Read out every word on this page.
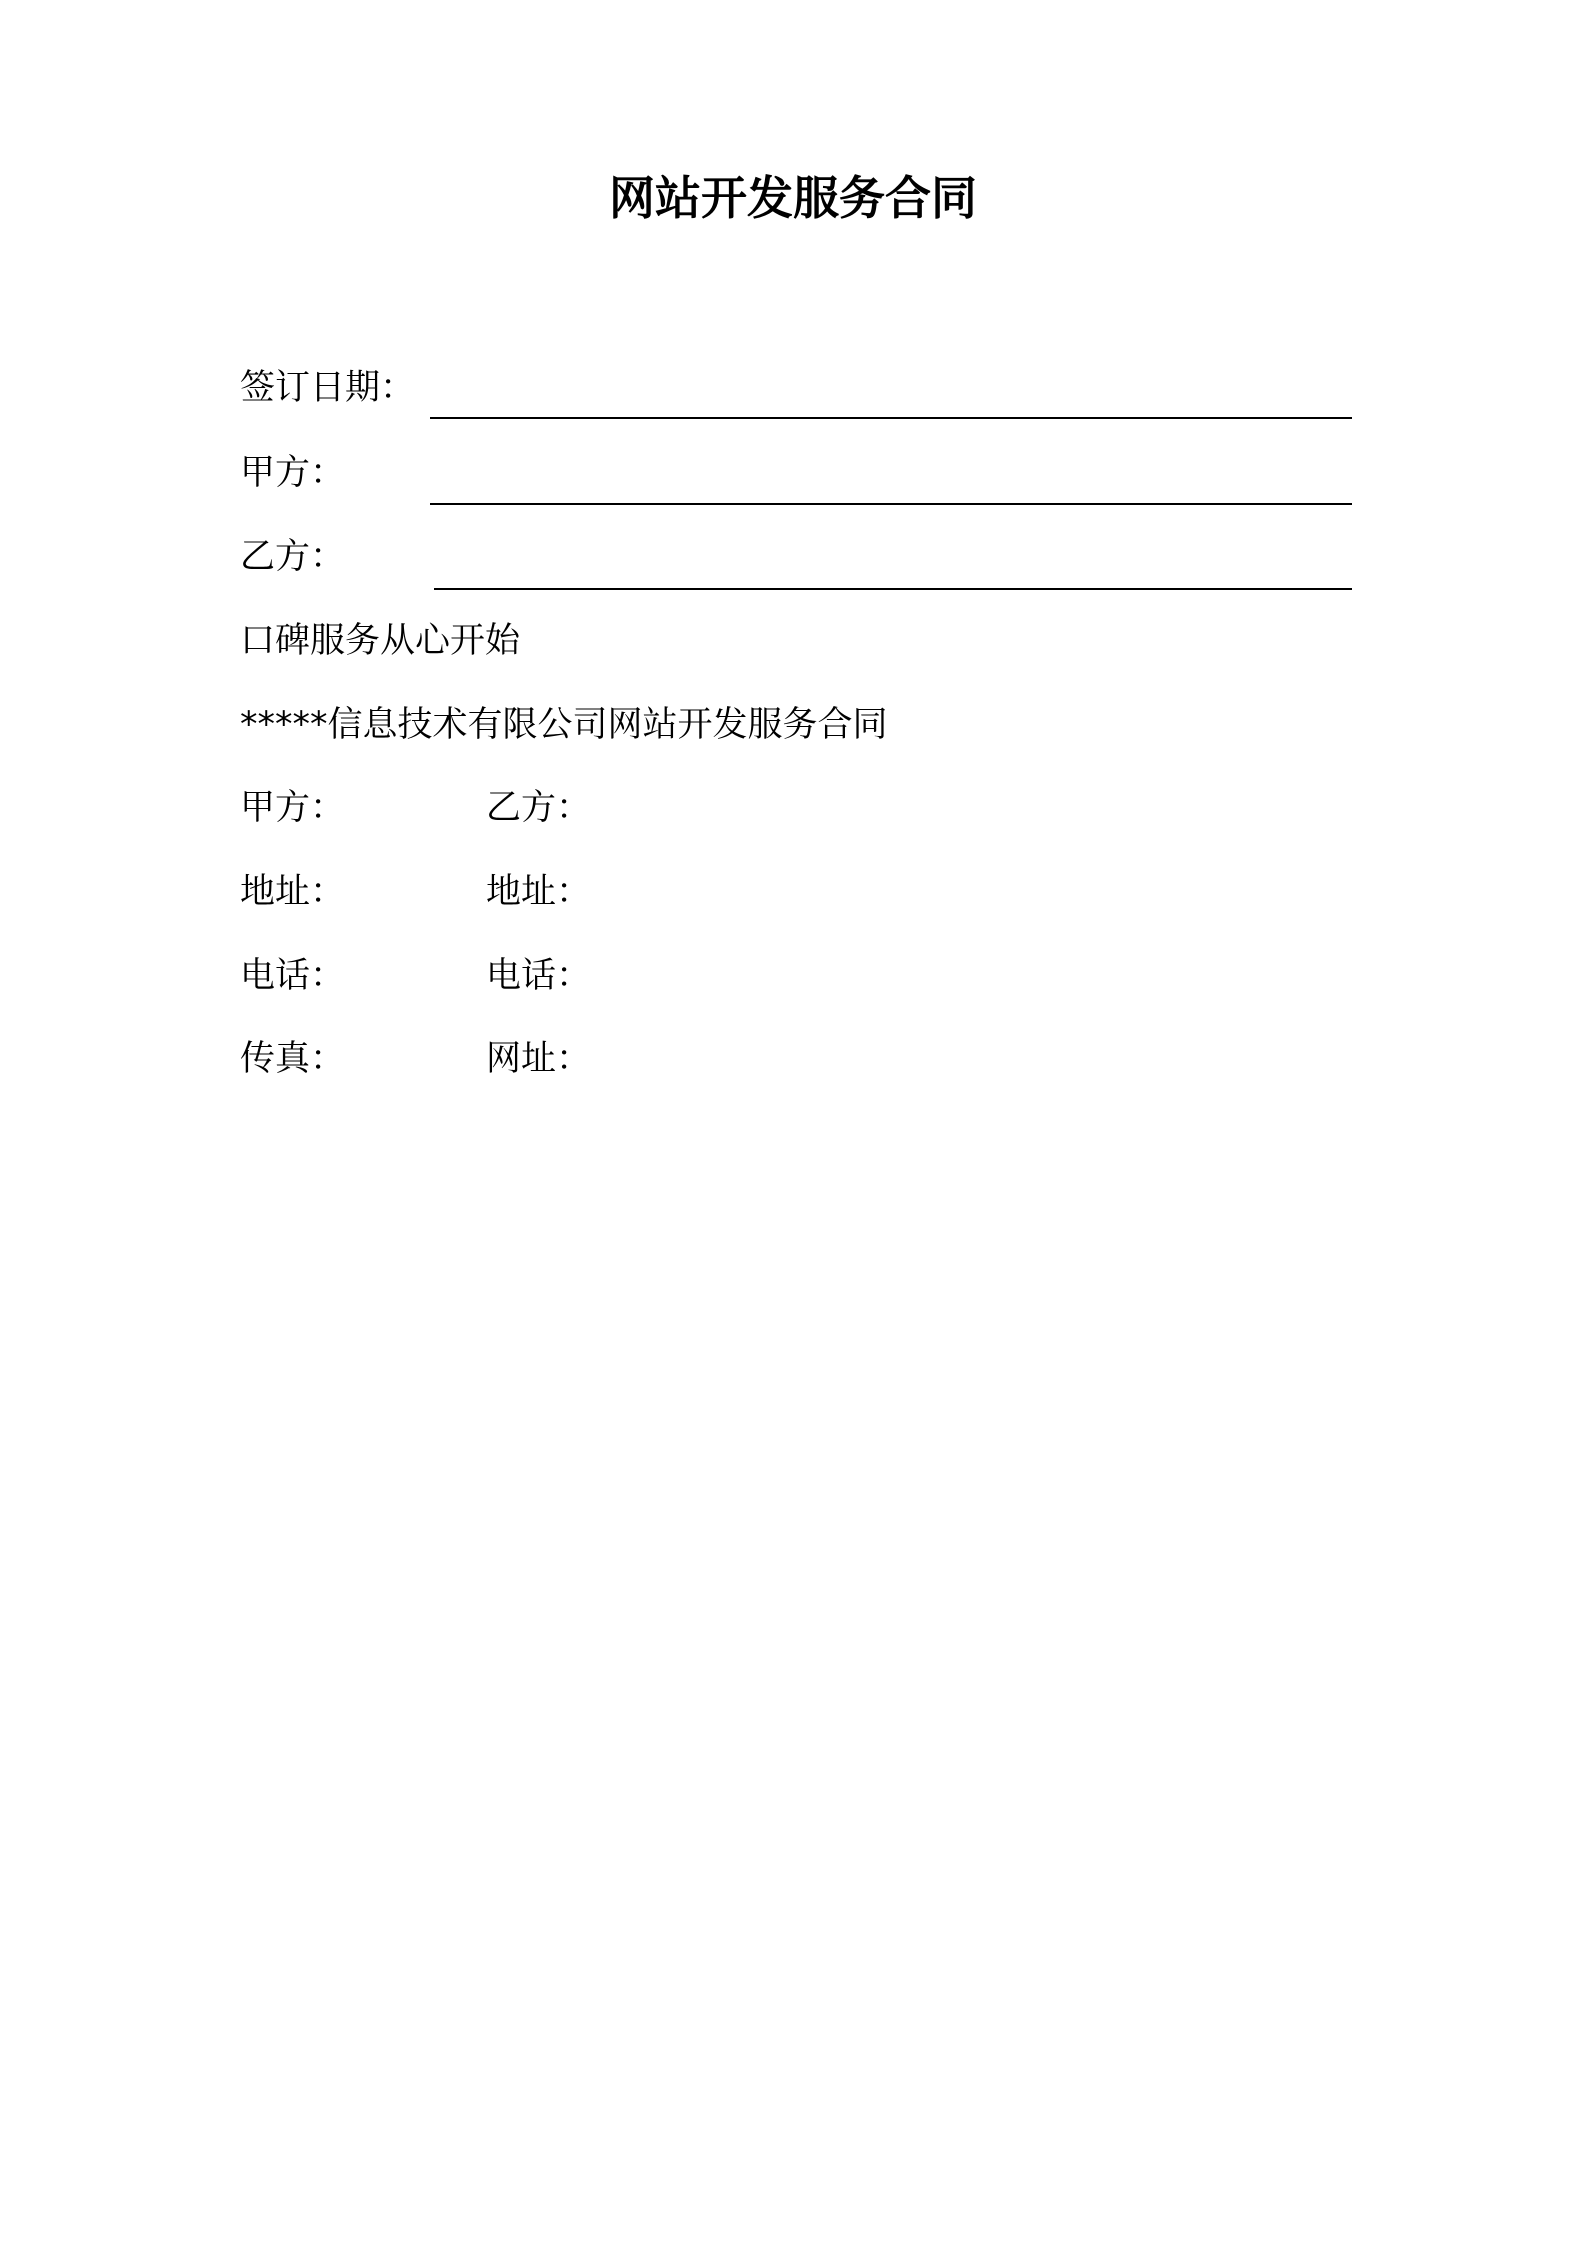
网站开发服务合同
签订日期：
甲方：
乙方：
口碑服务从心开始
*****信息技术有限公司网站开发服务合同
甲方：
地址：
电话：
传真：
乙方：
地址：
电话：
网址：
